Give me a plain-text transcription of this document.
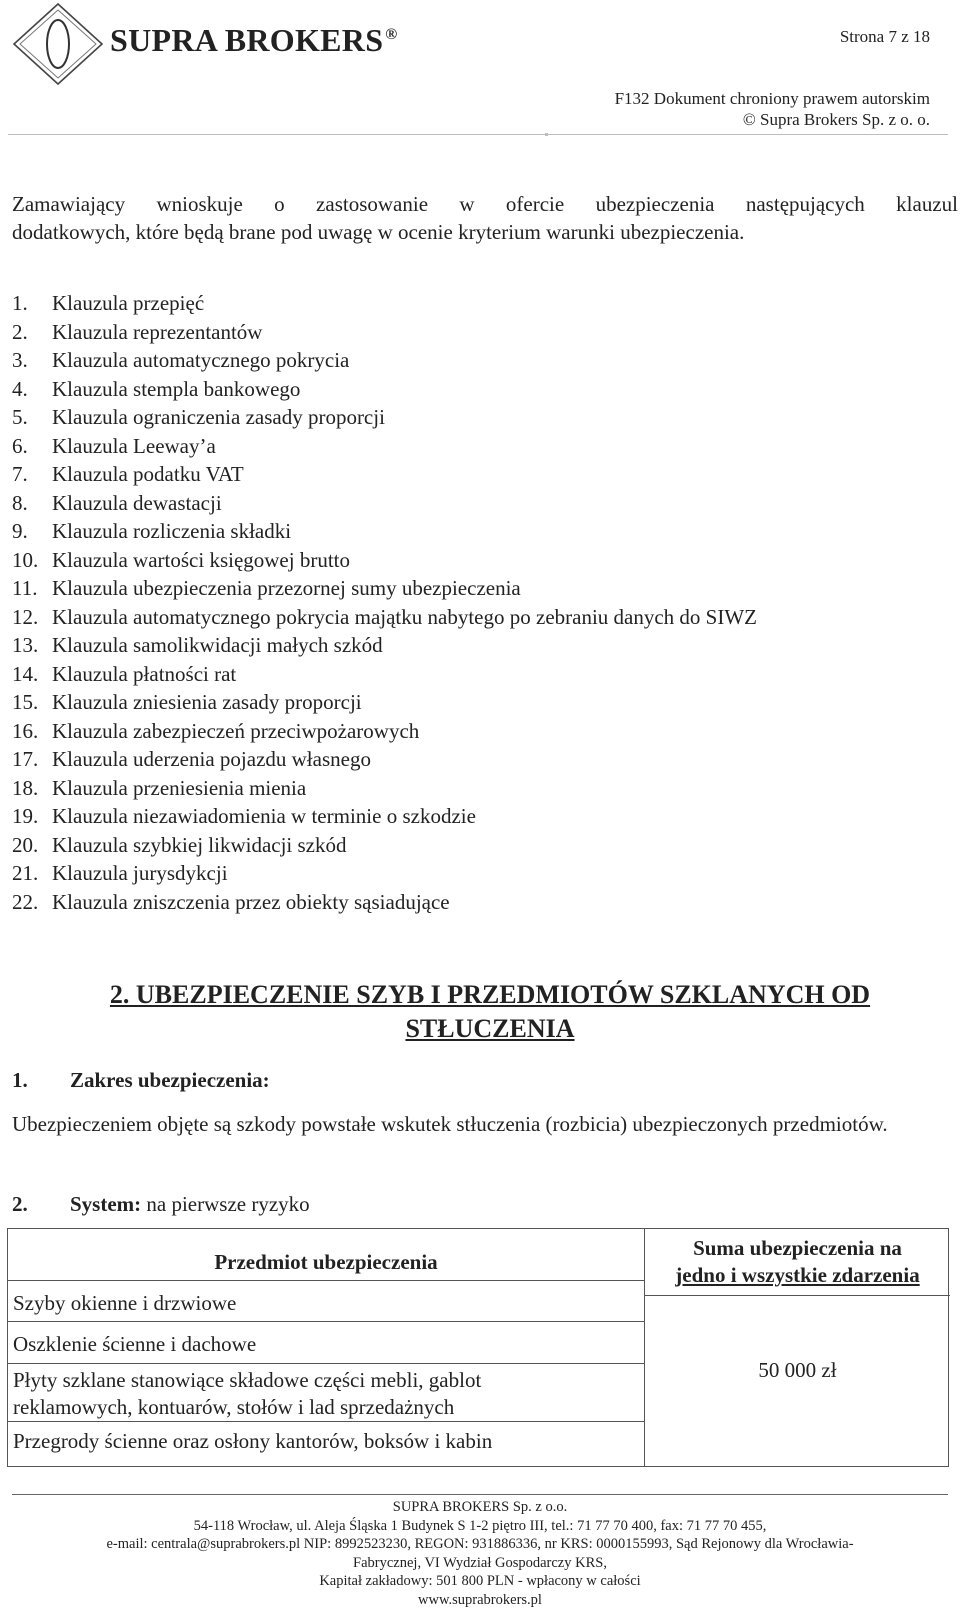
SUPRA BROKERS ®	Strona 7 z 18
F132 Dokument chroniony prawem autorskim
© Supra Brokers Sp. z o. o.
Zamawiający wnioskuje o zastosowanie w ofercie ubezpieczenia następujących klauzul
dodatkowych, które będą brane pod uwagę w ocenie kryterium warunki ubezpieczenia.
1. Klauzula przepięć
2. Klauzula reprezentantów
3. Klauzula automatycznego pokrycia
4. Klauzula stempla bankowego
5. Klauzula ograniczenia zasady proporcji
6. Klauzula Leeway’a
7. Klauzula podatku VAT
8. Klauzula dewastacji
9. Klauzula rozliczenia składki
10. Klauzula wartości księgowej brutto
11. Klauzula ubezpieczenia przezornej sumy ubezpieczenia
12. Klauzula automatycznego pokrycia majątku nabytego po zebraniu danych do SIWZ
13. Klauzula samolikwidacji małych szkód
14. Klauzula płatności rat
15. Klauzula zniesienia zasady proporcji
16. Klauzula zabezpieczeń przeciwpożarowych
17. Klauzula uderzenia pojazdu własnego
18. Klauzula przeniesienia mienia
19. Klauzula niezawiadomienia w terminie o szkodzie
20. Klauzula szybkiej likwidacji szkód
21. Klauzula jurysdykcji
22. Klauzula zniszczenia przez obiekty sąsiadujące
2. UBEZPIECZENIE SZYB I PRZEDMIOTÓW SZKLANYCH OD
STŁUCZENIA
1. Zakres ubezpieczenia:
Ubezpieczeniem objęte są szkody powstałe wskutek stłuczenia (rozbicia) ubezpieczonych przedmiotów.
2. System: na pierwsze ryzyko
Przedmiot ubezpieczenia
Suma ubezpieczenia na
jedno i wszystkie zdarzenia
Szyby okienne i drzwiowe
Oszklenie ścienne i dachowe
Płyty szklane stanowiące składowe części mebli, gablot
reklamowych, kontuarów, stołów i lad sprzedażnych
Przegrody ścienne oraz osłony kantorów, boksów i kabin
50 000 zł
SUPRA BROKERS Sp. z o.o.
54-118 Wrocław, ul. Aleja Śląska 1 Budynek S 1-2 piętro III, tel.: 71 77 70 400, fax: 71 77 70 455,
e-mail: centrala@suprabrokers.pl NIP: 8992523230, REGON: 931886336, nr KRS: 0000155993, Sąd Rejonowy dla Wrocławia-
Fabrycznej, VI Wydział Gospodarczy KRS,
Kapitał zakładowy: 501 800 PLN - wpłacony w całości
www.suprabrokers.pl
